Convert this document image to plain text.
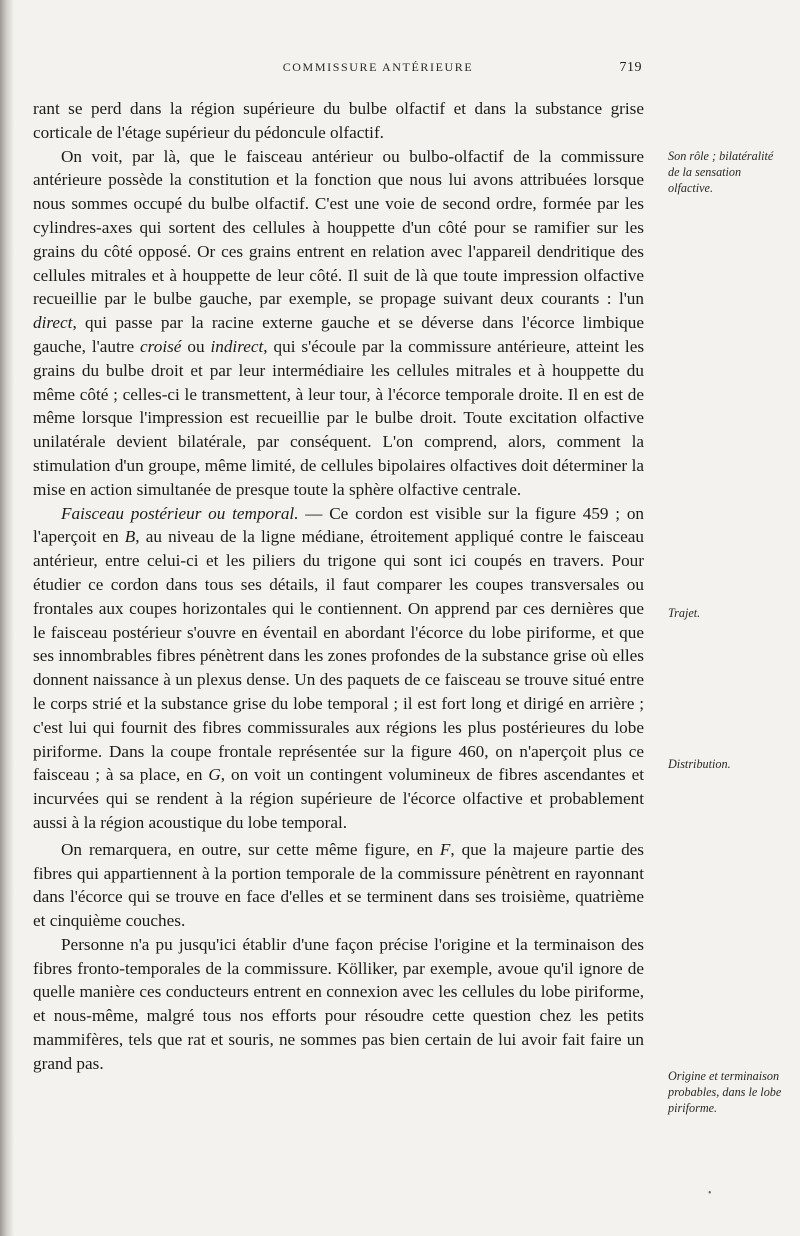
COMMISSURE ANTÉRIEURE	719

rant se perd dans la région supérieure du bulbe olfactif et dans la substance grise corticale de l'étage supérieur du pédoncule olfactif.

On voit, par là, que le faisceau antérieur ou bulbo-olfactif de la commissure antérieure possède la constitution et la fonction que nous lui avons attribuées lorsque nous sommes occupé du bulbe olfactif. C'est une voie de second ordre, formée par les cylindres-axes qui sortent des cellules à houppette d'un côté pour se ramifier sur les grains du côté opposé. Or ces grains entrent en relation avec l'appareil dendritique des cellules mitrales et à houppette de leur côté. Il suit de là que toute impression olfactive recueillie par le bulbe gauche, par exemple, se propage suivant deux courants : l'un direct, qui passe par la racine externe gauche et se déverse dans l'écorce limbique gauche, l'autre croisé ou indirect, qui s'écoule par la commissure antérieure, atteint les grains du bulbe droit et par leur intermédiaire les cellules mitrales et à houppette du même côté ; celles-ci le transmettent, à leur tour, à l'écorce temporale droite. Il en est de même lorsque l'impression est recueillie par le bulbe droit. Toute excitation olfactive unilatérale devient bilatérale, par conséquent. L'on comprend, alors, comment la stimulation d'un groupe, même limité, de cellules bipolaires olfactives doit déterminer la mise en action simultanée de presque toute la sphère olfactive centrale.

Faisceau postérieur ou temporal. — Ce cordon est visible sur la figure 459 ; on l'aperçoit en B, au niveau de la ligne médiane, étroitement appliqué contre le faisceau antérieur, entre celui-ci et les piliers du trigone qui sont ici coupés en travers. Pour étudier ce cordon dans tous ses détails, il faut comparer les coupes transversales ou frontales aux coupes horizontales qui le contiennent. On apprend par ces dernières que le faisceau postérieur s'ouvre en éventail en abordant l'écorce du lobe piriforme, et que ses innombrables fibres pénètrent dans les zones profondes de la substance grise où elles donnent naissance à un plexus dense. Un des paquets de ce faisceau se trouve situé entre le corps strié et la substance grise du lobe temporal ; il est fort long et dirigé en arrière ; c'est lui qui fournit des fibres commissurales aux régions les plus postérieures du lobe piriforme. Dans la coupe frontale représentée sur la figure 460, on n'aperçoit plus ce faisceau ; à sa place, en G, on voit un contingent volumineux de fibres ascendantes et incurvées qui se rendent à la région supérieure de l'écorce olfactive et probablement aussi à la région acoustique du lobe temporal.

On remarquera, en outre, sur cette même figure, en F, que la majeure partie des fibres qui appartiennent à la portion temporale de la commissure pénètrent en rayonnant dans l'écorce qui se trouve en face d'elles et se terminent dans ses troisième, quatrième et cinquième couches.

Personne n'a pu jusqu'ici établir d'une façon précise l'origine et la terminaison des fibres fronto-temporales de la commissure. Kölliker, par exemple, avoue qu'il ignore de quelle manière ces conducteurs entrent en connexion avec les cellules du lobe piriforme, et nous-même, malgré tous nos efforts pour résoudre cette question chez les petits mammifères, tels que rat et souris, ne sommes pas bien certain de lui avoir fait faire un grand pas.

Son rôle ; bilatéralité de la sensation olfactive.
Trajet.
Distribution.
Origine et terminaison probables, dans le lobe piriforme.
•
